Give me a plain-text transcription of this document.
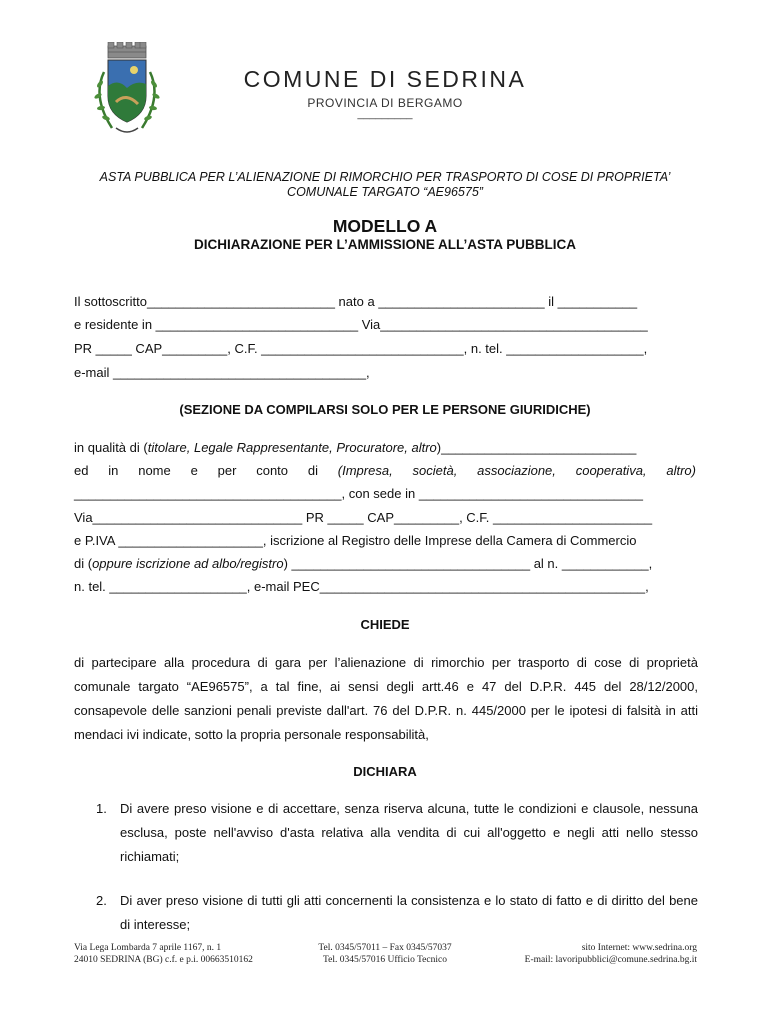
COMUNE DI SEDRINA
PROVINCIA DI BERGAMO
_________
ASTA PUBBLICA PER L’ALIENAZIONE DI RIMORCHIO PER TRASPORTO DI COSE DI PROPRIETA’ COMUNALE TARGATO “AE96575”
MODELLO A
DICHIARAZIONE PER L’AMMISSIONE ALL’ASTA PUBBLICA
Il sottoscritto__________________________ nato a _______________________ il ___________
e residente in ____________________________ Via_____________________________________
PR _____ CAP_________, C.F. ____________________________, n. tel. ___________________,
e-mail ___________________________________,
(SEZIONE DA COMPILARSI SOLO PER LE PERSONE GIURIDICHE)
in qualità di (titolare, Legale Rappresentante, Procuratore, altro)___________________________
ed in nome e per conto di (Impresa, società, associazione, cooperativa, altro)
_____________________________________, con sede in _______________________________
Via_____________________________ PR _____ CAP_________, C.F. ______________________
e P.IVA ____________________, iscrizione al Registro delle Imprese della Camera di Commercio
di (oppure iscrizione ad albo/registro) _________________________________ al n. ____________,
n. tel. ___________________, e-mail PEC_____________________________________________,
CHIEDE
di partecipare alla procedura di gara per l’alienazione di rimorchio per trasporto di cose di proprietà comunale targato “AE96575”, a tal fine, ai sensi degli artt.46 e 47 del D.P.R. 445 del 28/12/2000, consapevole delle sanzioni penali previste dall'art. 76 del D.P.R. n. 445/2000 per le ipotesi di falsità in atti mendaci ivi indicate, sotto la propria personale responsabilità,
DICHIARA
1. Di avere preso visione e di accettare, senza riserva alcuna, tutte le condizioni e clausole, nessuna esclusa, poste nell'avviso d'asta relativa alla vendita di cui all'oggetto e negli atti nello stesso richiamati;
2. Di aver preso visione di tutti gli atti concernenti la consistenza e lo stato di fatto e di diritto del bene di interesse;
Via Lega Lombarda 7 aprile 1167, n. 1
24010 SEDRINA (BG) c.f. e p.i. 00663510162
Tel. 0345/57011 – Fax 0345/57037
Tel. 0345/57016 Ufficio Tecnico
sito Internet: www.sedrina.org
E-mail: lavoripubblici@comune.sedrina.bg.it
